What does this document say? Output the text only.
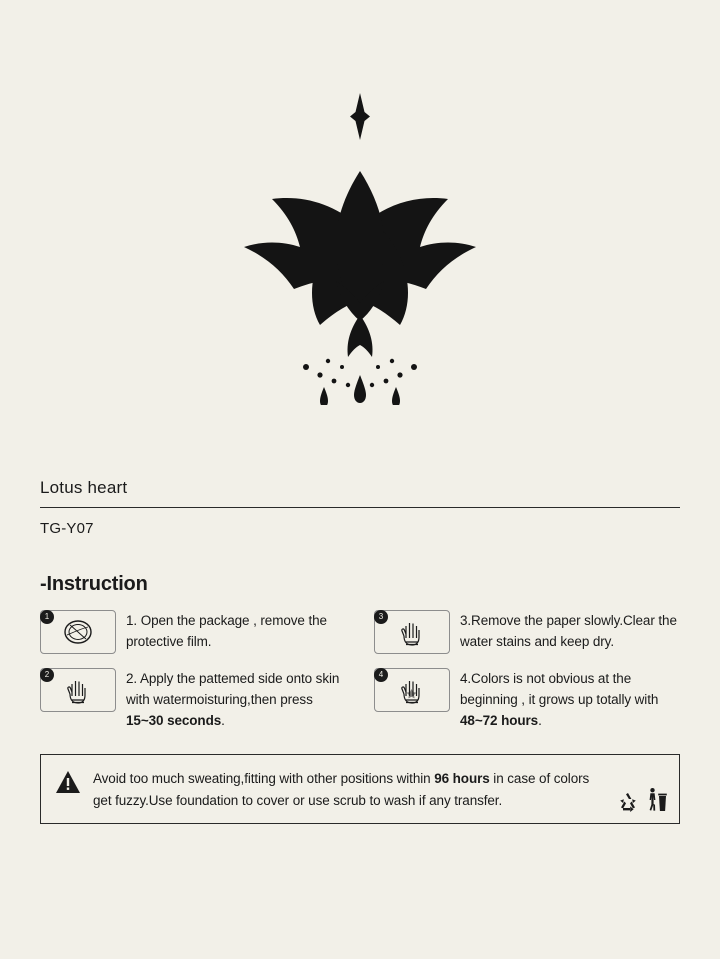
Lotus heart
TG-Y07
-Instruction
1	1. Open the package , remove the protective film.
3	3.Remove the paper slowly.Clear the water stains and keep dry.
2	2. Apply the pattemed side onto skin with watermoisturing,then press 15~30 seconds.
4	4.Colors is not obvious at the beginning , it grows up totally with 48~72 hours.
Avoid too much sweating,fitting with other positions within 96 hours in case of colors get fuzzy.Use foundation to cover or use scrub to wash if any transfer.
